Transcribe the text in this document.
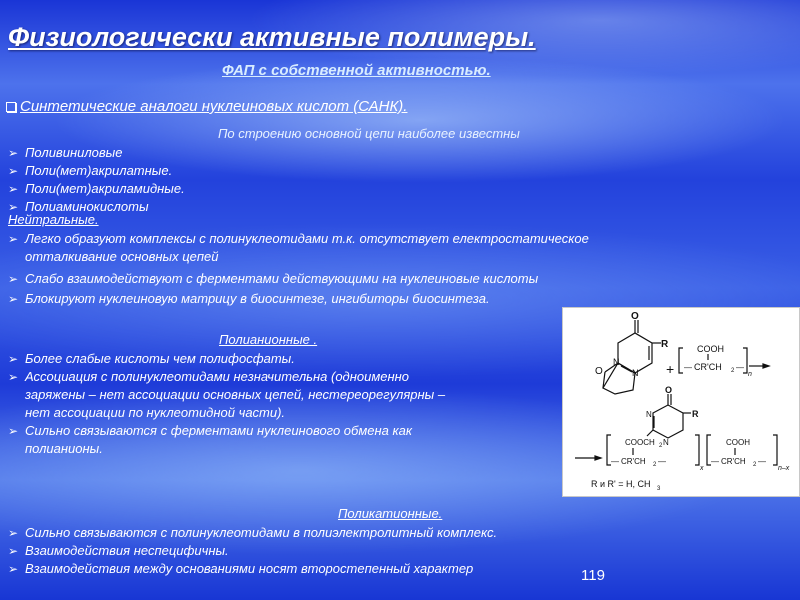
Физиологически активные полимеры.
ФАП с собственной активностью.
Синтетические аналоги нуклеиновых кислот (САНК).
По строению основной цепи наиболее известны
➢ Поливиниловые
➢ Поли(мет)акрилатные.
➢ Поли(мет)акриламидные.
➢ Полиаминокислоты
Нейтральные.
➢ Легко образуют комплексы с полинуклеотидами т.к. отсутствует електростатическое
отталкивание основных цепей
➢ Слабо взаимодействуют с ферментами действующими на нуклеиновые кислоты
➢ Блокируют нуклеиновую матрицу в биосинтезе, ингибиторы биосинтеза.
Полианионные .
➢ Более слабые кислоты чем полифосфаты.
➢ Ассоциация с полинуклеотидами незначительна (одноименно
заряжены – нет ассоциации основных цепей, нестереорегулярны –
нет ассоциации по нуклеотидной части).
➢ Сильно связываются с ферментами нуклеинового обмена как
полианионы.
O
R
N
N
O	+
COOH
— CR'CH 2 —
n
O
R
N
COOCH 2 N	COOH
— CR'CH 2 —
x
— CR'CH 2 —
n–x
R и R' = H, CH 3
Поликатионные.
➢ Сильно связываются с полинуклеотидами в полиэлектролитный комплекс.
➢ Взаимодействия неспецифичны.
➢ Взаимодействия между основаниями носят второстепенный характер	119
